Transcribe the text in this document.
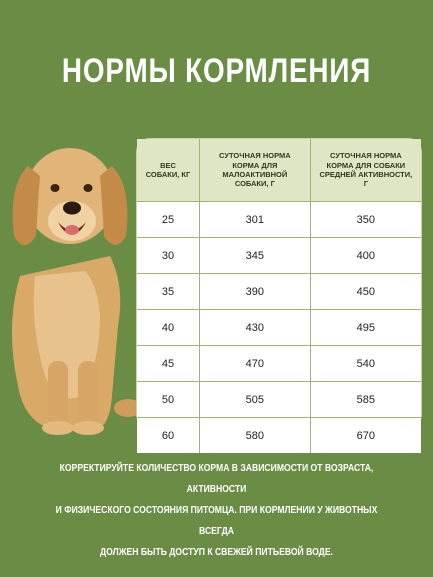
НОРМЫ КОРМЛЕНИЯ
ВЕС СОБАКИ, КГ	СУТОЧНАЯ НОРМА КОРМА ДЛЯ МАЛОАКТИВНОЙ СОБАКИ, Г	СУТОЧНАЯ НОРМА КОРМА ДЛЯ СОБАКИ СРЕДНЕЙ АКТИВНОСТИ, Г
25	301	350
30	345	400
35	390	450
40	430	495
45	470	540
50	505	585
60	580	670
КОРРЕКТИРУЙТЕ КОЛИЧЕСТВО КОРМА В ЗАВИСИМОСТИ ОТ ВОЗРАСТА, АКТИВНОСТИ
И ФИЗИЧЕСКОГО СОСТОЯНИЯ ПИТОМЦА. ПРИ КОРМЛЕНИИ У ЖИВОТНЫХ ВСЕГДА
ДОЛЖЕН БЫТЬ ДОСТУП К СВЕЖЕЙ ПИТЬЕВОЙ ВОДЕ.
